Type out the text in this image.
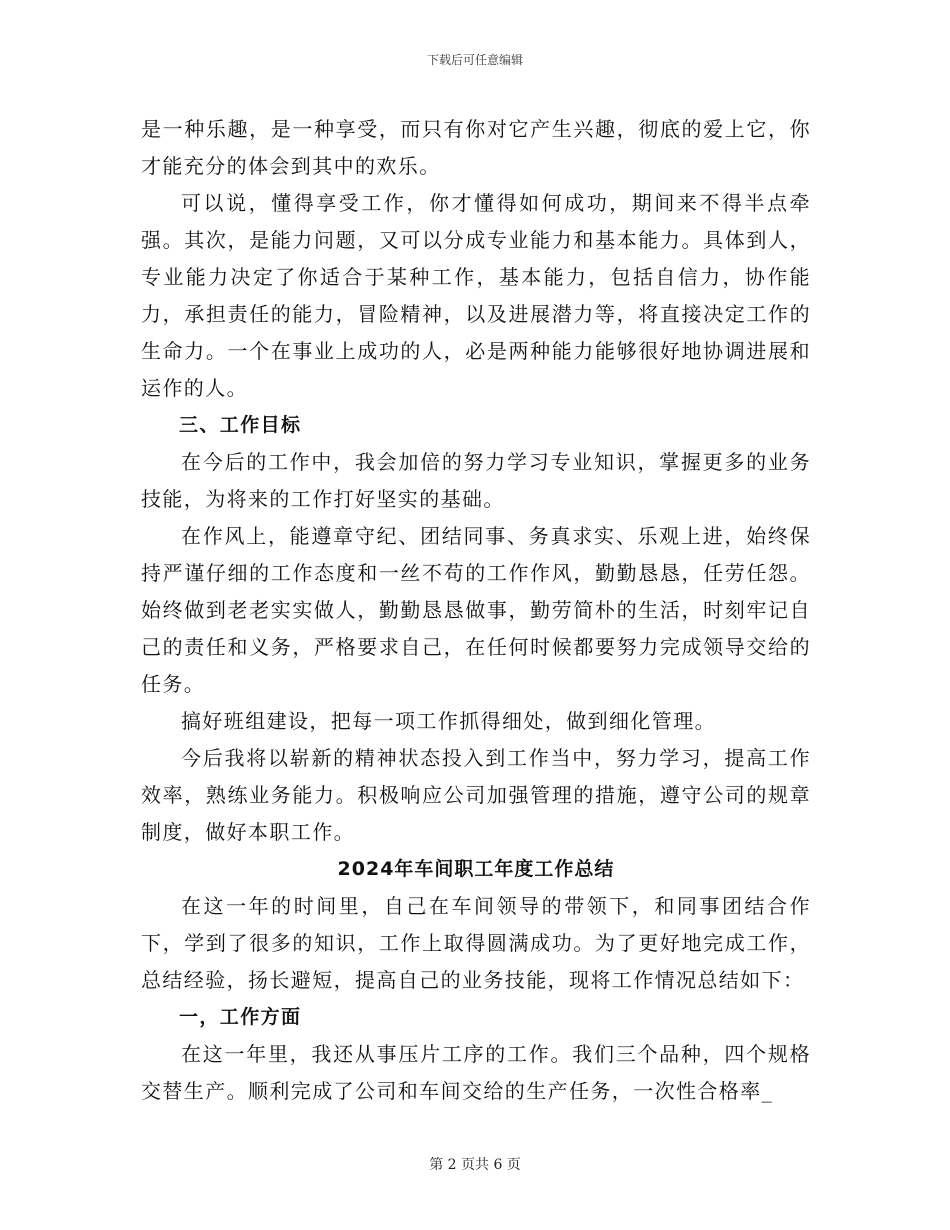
下载后可任意编辑

是一种乐趣，是一种享受，而只有你对它产生兴趣，彻底的爱上它，你才能充分的体会到其中的欢乐。

可以说，懂得享受工作，你才懂得如何成功，期间来不得半点牵强。其次，是能力问题，又可以分成专业能力和基本能力。具体到人，专业能力决定了你适合于某种工作，基本能力，包括自信力，协作能力，承担责任的能力，冒险精神，以及进展潜力等，将直接决定工作的生命力。一个在事业上成功的人，必是两种能力能够很好地协调进展和运作的人。

三、工作目标

在今后的工作中，我会加倍的努力学习专业知识，掌握更多的业务技能，为将来的工作打好坚实的基础。

在作风上，能遵章守纪、团结同事、务真求实、乐观上进，始终保持严谨仔细的工作态度和一丝不苟的工作作风，勤勤恳恳，任劳任怨。始终做到老老实实做人，勤勤恳恳做事，勤劳简朴的生活，时刻牢记自己的责任和义务，严格要求自己，在任何时候都要努力完成领导交给的任务。

搞好班组建设，把每一项工作抓得细处，做到细化管理。

今后我将以崭新的精神状态投入到工作当中，努力学习，提高工作效率，熟练业务能力。积极响应公司加强管理的措施，遵守公司的规章制度，做好本职工作。

2024年车间职工年度工作总结

在这一年的时间里，自己在车间领导的带领下，和同事团结合作下，学到了很多的知识，工作上取得圆满成功。为了更好地完成工作，总结经验，扬长避短，提高自己的业务技能，现将工作情况总结如下：

一，工作方面

在这一年里，我还从事压片工序的工作。我们三个品种，四个规格交替生产。顺利完成了公司和车间交给的生产任务，一次性合格率_

第 2 页共 6 页
